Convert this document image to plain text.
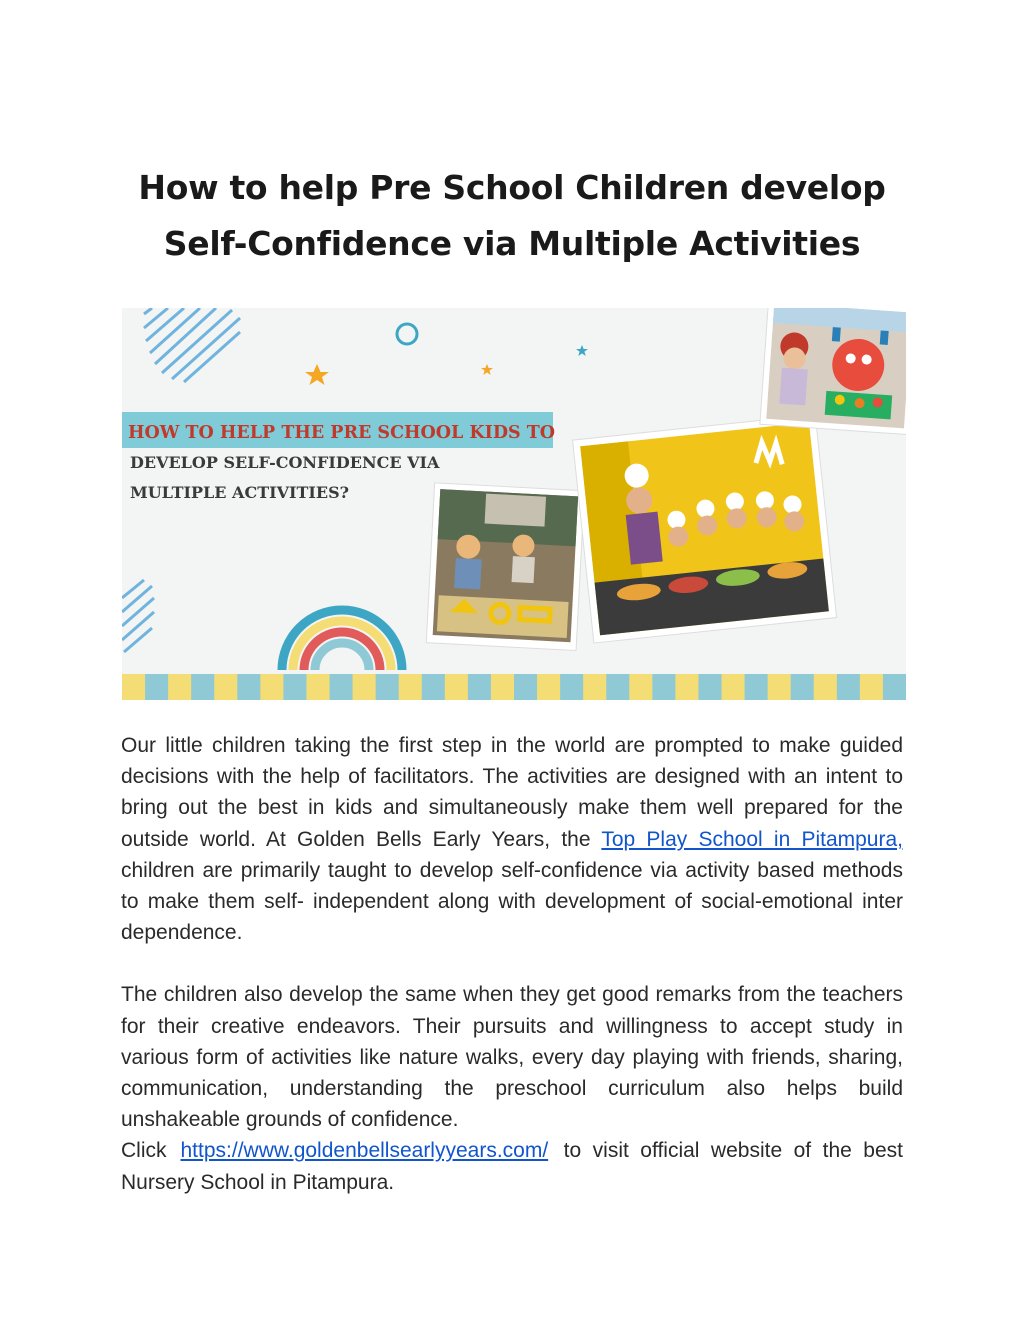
How to help Pre School Children develop
Self-Confidence via Multiple Activities
HOW TO HELP THE PRE SCHOOL KIDS TO
DEVELOP SELF-CONFIDENCE VIA
MULTIPLE ACTIVITIES?

Our little children taking the first step in the world are prompted to make guided decisions with the help of facilitators. The activities are designed with an intent to bring out the best in kids and simultaneously make them well prepared for the outside world. At Golden Bells Early Years, the Top Play School in Pitampura, children are primarily taught to develop self-confidence via activity based methods to make them self- independent along with development of social-emotional inter dependence.

The children also develop the same when they get good remarks from the teachers for their creative endeavors. Their pursuits and willingness to accept study in various form of activities like nature walks, every day playing with friends, sharing, communication, understanding the preschool curriculum also helps build unshakeable grounds of confidence.
Click https://www.goldenbellsearlyyears.com/ to visit official website of the best Nursery School in Pitampura.
